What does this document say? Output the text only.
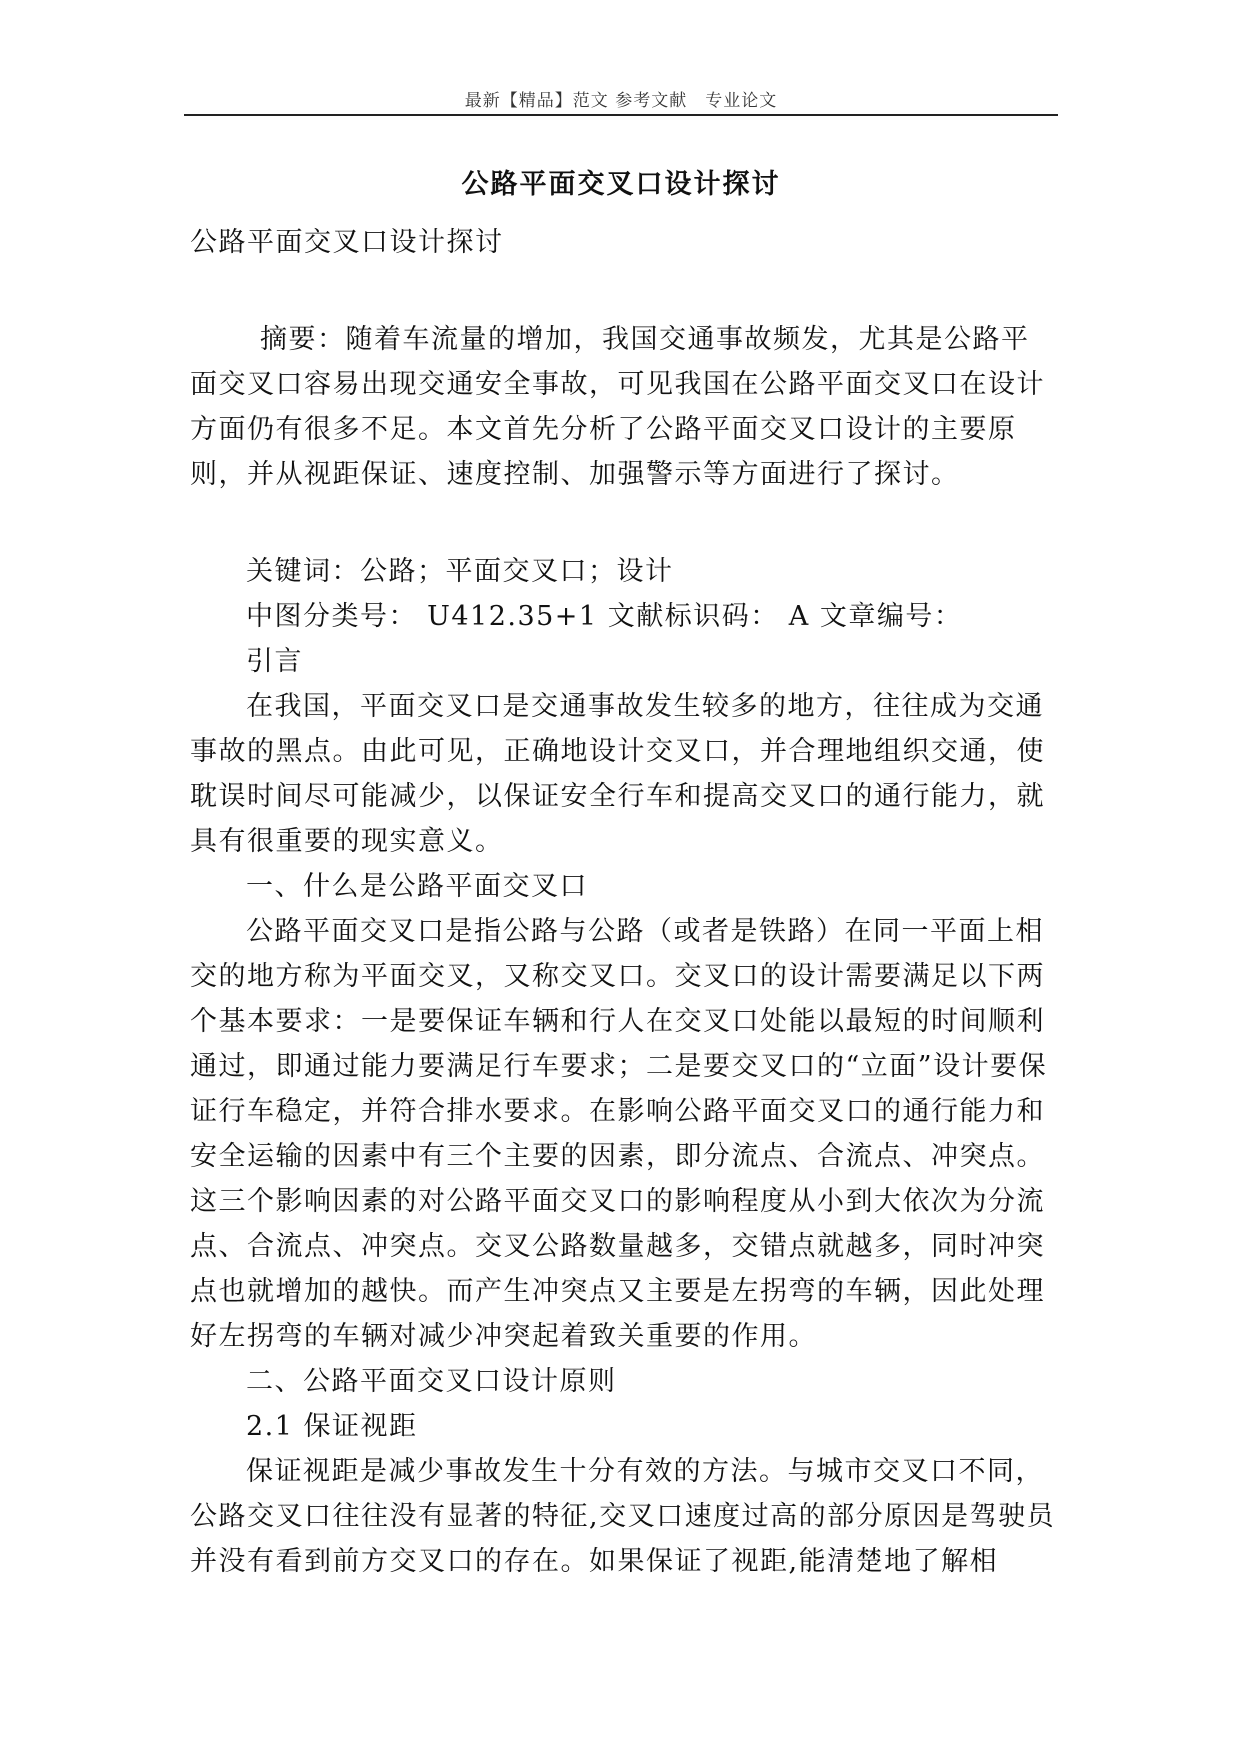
最新【精品】范文 参考文献　专业论文
公路平面交叉口设计探讨

公路平面交叉口设计探讨

摘要：随着车流量的增加，我国交通事故频发，尤其是公路平面交叉口容易出现交通安全事故，可见我国在公路平面交叉口在设计方面仍有很多不足。本文首先分析了公路平面交叉口设计的主要原则，并从视距保证、速度控制、加强警示等方面进行了探讨。

关键词：公路；平面交叉口；设计

中图分类号： U412.35+1 文献标识码： A 文章编号：

引言

在我国，平面交叉口是交通事故发生较多的地方，往往成为交通事故的黑点。由此可见，正确地设计交叉口，并合理地组织交通，使耽误时间尽可能减少，以保证安全行车和提高交叉口的通行能力，就具有很重要的现实意义。

一、什么是公路平面交叉口

公路平面交叉口是指公路与公路（或者是铁路）在同一平面上相交的地方称为平面交叉，又称交叉口。交叉口的设计需要满足以下两个基本要求：一是要保证车辆和行人在交叉口处能以最短的时间顺利通过，即通过能力要满足行车要求；二是要交叉口的“立面”设计要保证行车稳定，并符合排水要求。在影响公路平面交叉口的通行能力和安全运输的因素中有三个主要的因素，即分流点、合流点、冲突点。这三个影响因素的对公路平面交叉口的影响程度从小到大依次为分流点、合流点、冲突点。交叉公路数量越多，交错点就越多，同时冲突点也就增加的越快。而产生冲突点又主要是左拐弯的车辆，因此处理好左拐弯的车辆对减少冲突起着致关重要的作用。

二、公路平面交叉口设计原则

2.1 保证视距

保证视距是减少事故发生十分有效的方法。与城市交叉口不同，公路交叉口往往没有显著的特征,交叉口速度过高的部分原因是驾驶员并没有看到前方交叉口的存在。如果保证了视距,能清楚地了解相
